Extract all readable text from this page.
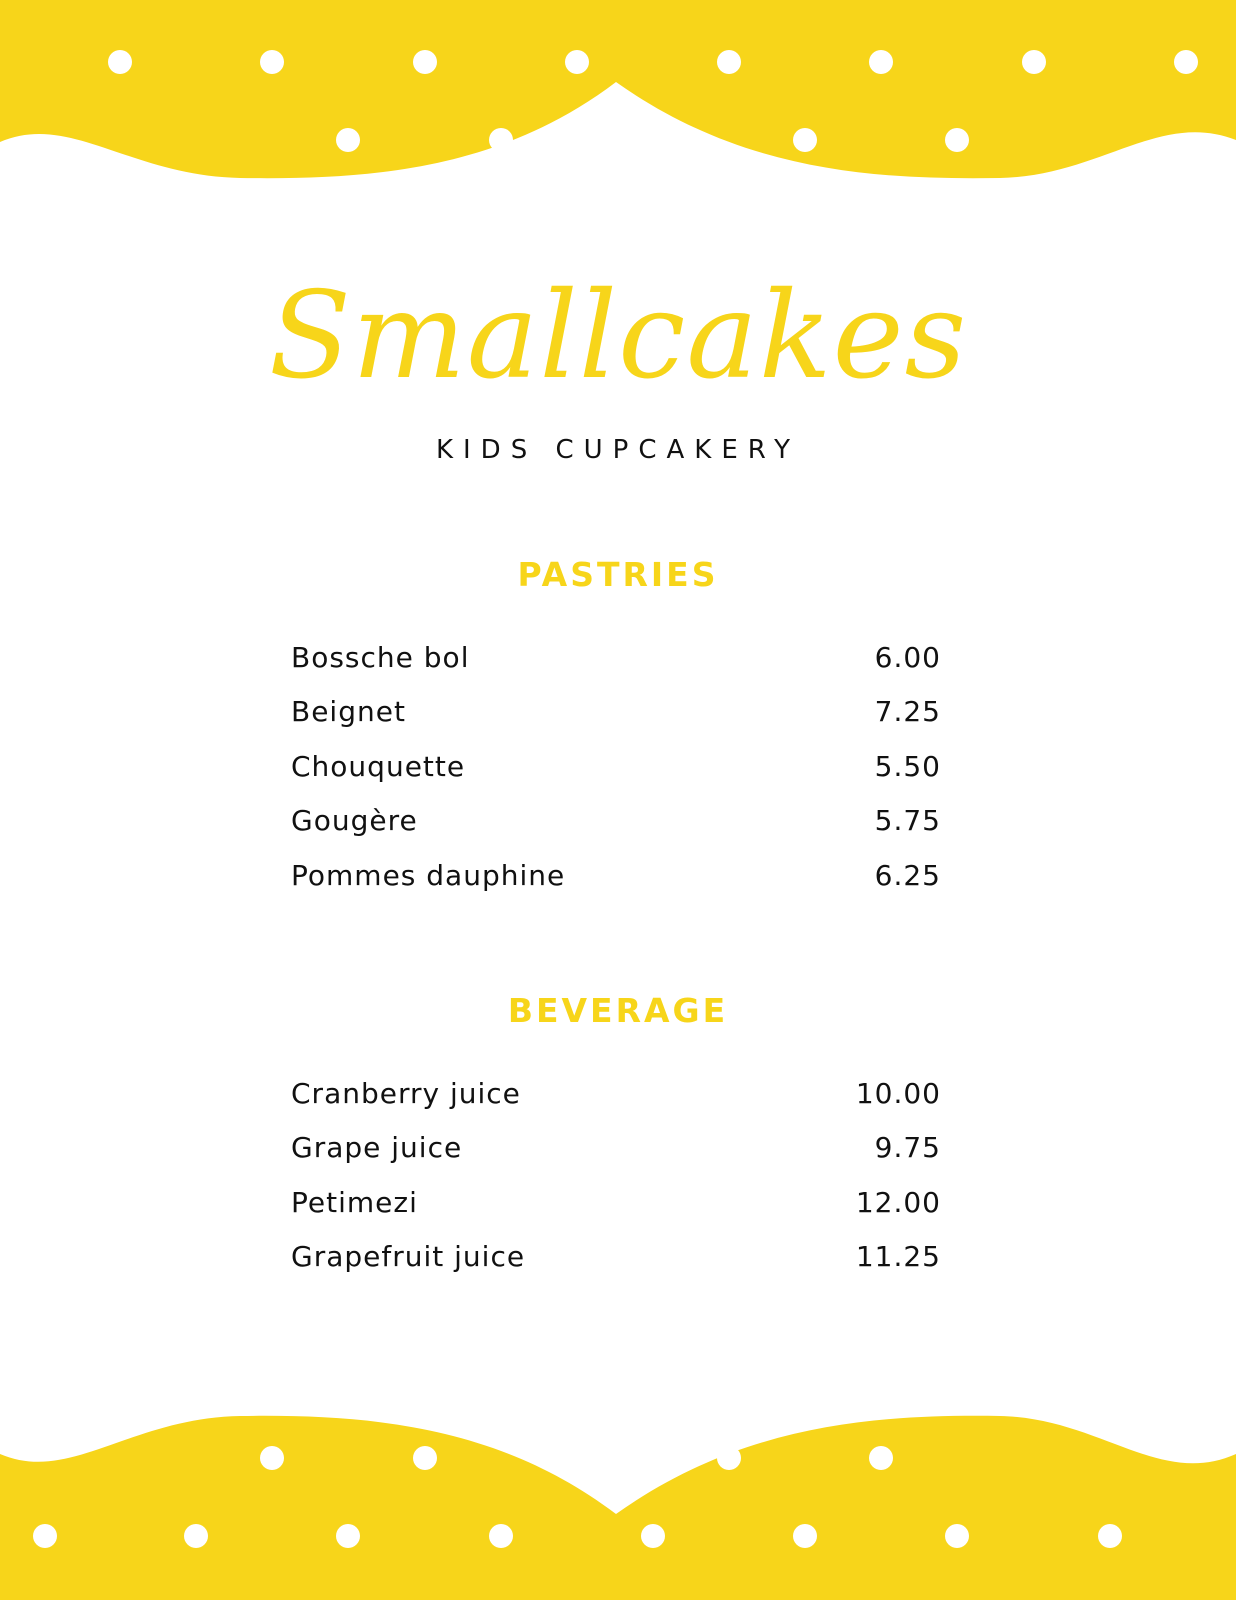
Smallcakes

KIDS CUPCAKERY

PASTRIES
Bossche bol	6.00
Beignet	7.25
Chouquette	5.50
Gougère	5.75
Pommes dauphine	6.25
BEVERAGE
Cranberry juice	10.00
Grape juice	9.75
Petimezi	12.00
Grapefruit juice	11.25
